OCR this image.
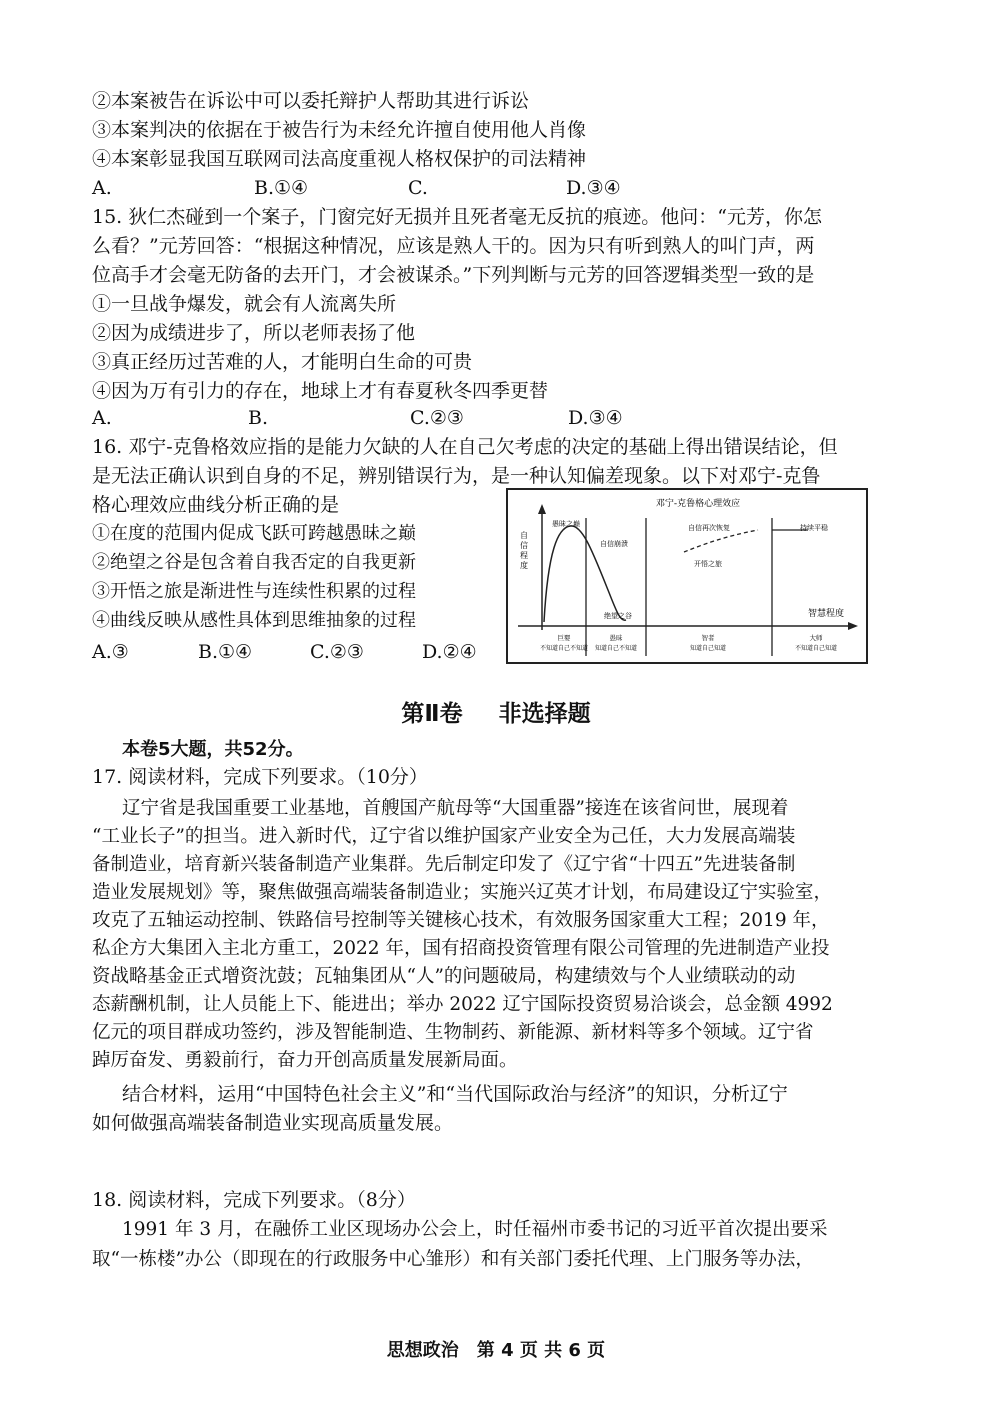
②本案被告在诉讼中可以委托辩护人帮助其进行诉讼
③本案判决的依据在于被告行为未经允许擅自使用他人肖像
④本案彰显我国互联网司法高度重视人格权保护的司法精神
A.	B.①④	C.	D.③④
15. 狄仁杰碰到一个案子，门窗完好无损并且死者毫无反抗的痕迹。他问：“元芳，你怎
么看？”元芳回答：“根据这种情况，应该是熟人干的。因为只有听到熟人的叫门声，两
位高手才会毫无防备的去开门，才会被谋杀。”下列判断与元芳的回答逻辑类型一致的是
①一旦战争爆发，就会有人流离失所
②因为成绩进步了，所以老师表扬了他
③真正经历过苦难的人，才能明白生命的可贵
④因为万有引力的存在，地球上才有春夏秋冬四季更替
A.	B.	C.②③	D.③④
16. 邓宁-克鲁格效应指的是能力欠缺的人在自己欠考虑的决定的基础上得出错误结论，但
是无法正确认识到自身的不足，辨别错误行为，是一种认知偏差现象。以下对邓宁-克鲁
格心理效应曲线分析正确的是
①在度的范围内促成飞跃可跨越愚昧之巅
②绝望之谷是包含着自我否定的自我更新
③开悟之旅是渐进性与连续性积累的过程
④曲线反映从感性具体到思维抽象的过程
A.③	B.①④	C.②③	D.②④
邓宁-克鲁格心理效应
自信程度
智慧程度
愚昧之巅
自信崩溃
绝望之谷
开悟之旅
自信再次恢复	持续平稳
巨婴
不知道自己不知道
愚昧
知道自己不知道
智者
知道自己知道
大师
不知道自己知道
第Ⅱ卷 非选择题
本卷5大题，共52分。
17. 阅读材料，完成下列要求。（10分）
辽宁省是我国重要工业基地，首艘国产航母等“大国重器”接连在该省问世，展现着
“工业长子”的担当。进入新时代，辽宁省以维护国家产业安全为己任，大力发展高端装
备制造业，培育新兴装备制造产业集群。先后制定印发了《辽宁省“十四五”先进装备制
造业发展规划》等，聚焦做强高端装备制造业；实施兴辽英才计划，布局建设辽宁实验室，
攻克了五轴运动控制、铁路信号控制等关键核心技术，有效服务国家重大工程；2019 年，
私企方大集团入主北方重工，2022 年，国有招商投资管理有限公司管理的先进制造产业投
资战略基金正式增资沈鼓；瓦轴集团从“人”的问题破局，构建绩效与个人业绩联动的动
态薪酬机制，让人员能上下、能进出；举办 2022 辽宁国际投资贸易洽谈会，总金额 4992
亿元的项目群成功签约，涉及智能制造、生物制药、新能源、新材料等多个领域。辽宁省
踔厉奋发、勇毅前行，奋力开创高质量发展新局面。
结合材料，运用“中国特色社会主义”和“当代国际政治与经济”的知识，分析辽宁
如何做强高端装备制造业实现高质量发展。
18. 阅读材料，完成下列要求。（8分）
1991 年 3 月，在融侨工业区现场办公会上，时任福州市委书记的习近平首次提出要采
取“一栋楼”办公（即现在的行政服务中心雏形）和有关部门委托代理、上门服务等办法，
思想政治　第 4 页 共 6 页
